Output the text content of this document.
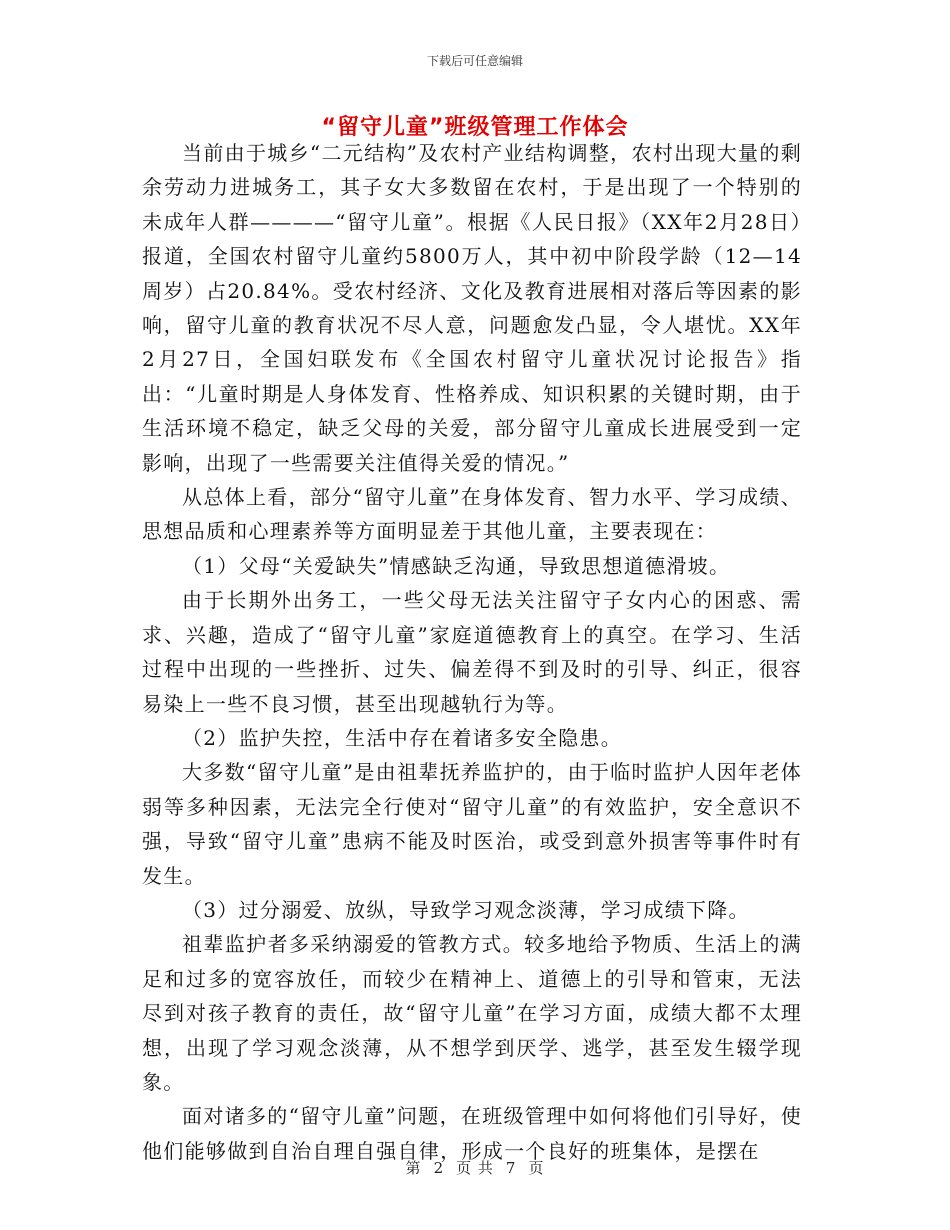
下载后可任意编辑
“留守儿童”班级管理工作体会

当前由于城乡“二元结构”及农村产业结构调整，农村出现大量的剩余劳动力进城务工，其子女大多数留在农村，于是出现了一个特别的未成年人群————“留守儿童”。根据《人民日报》（XX年2月28日）报道，全国农村留守儿童约5800万人，其中初中阶段学龄（12—14周岁）占20.84%。受农村经济、文化及教育进展相对落后等因素的影响，留守儿童的教育状况不尽人意，问题愈发凸显，令人堪忧。XX年2月27日，全国妇联发布《全国农村留守儿童状况讨论报告》指出：“儿童时期是人身体发育、性格养成、知识积累的关键时期，由于生活环境不稳定，缺乏父母的关爱，部分留守儿童成长进展受到一定影响，出现了一些需要关注值得关爱的情况。”

从总体上看，部分“留守儿童”在身体发育、智力水平、学习成绩、思想品质和心理素养等方面明显差于其他儿童，主要表现在：

（1）父母“关爱缺失”情感缺乏沟通，导致思想道德滑坡。

由于长期外出务工，一些父母无法关注留守子女内心的困惑、需求、兴趣，造成了“留守儿童”家庭道德教育上的真空。在学习、生活过程中出现的一些挫折、过失、偏差得不到及时的引导、纠正，很容易染上一些不良习惯，甚至出现越轨行为等。

（2）监护失控，生活中存在着诸多安全隐患。

大多数“留守儿童”是由祖辈抚养监护的，由于临时监护人因年老体弱等多种因素，无法完全行使对“留守儿童”的有效监护，安全意识不强，导致“留守儿童”患病不能及时医治，或受到意外损害等事件时有发生。

（3）过分溺爱、放纵，导致学习观念淡薄，学习成绩下降。

祖辈监护者多采纳溺爱的管教方式。较多地给予物质、生活上的满足和过多的宽容放任，而较少在精神上、道德上的引导和管束，无法尽到对孩子教育的责任，故“留守儿童”在学习方面，成绩大都不太理想，出现了学习观念淡薄，从不想学到厌学、逃学，甚至发生辍学现象。

面对诸多的“留守儿童”问题，在班级管理中如何将他们引导好，使他们能够做到自治自理自强自律，形成一个良好的班集体，是摆在

第 2 页 共 7 页
